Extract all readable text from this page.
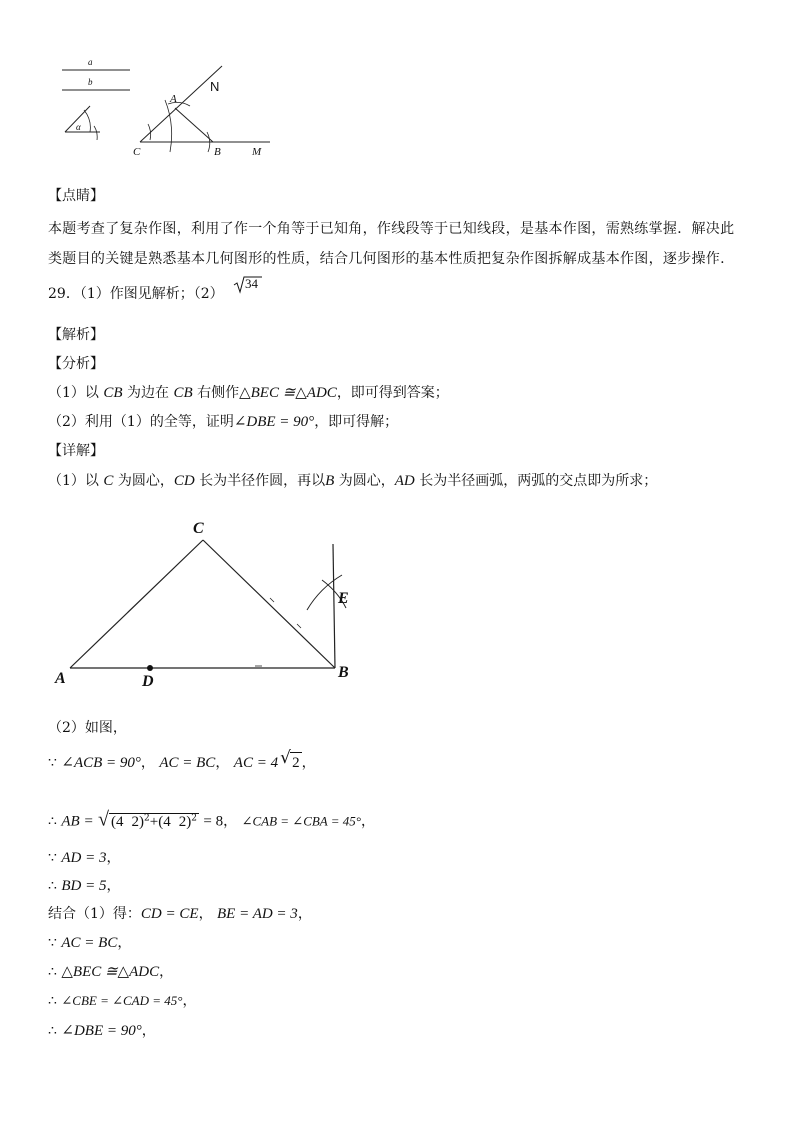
a
b
α
A
N
C	B	M
【点睛】
本题考查了复杂作图，利用了作一个角等于已知角，作线段等于已知线段，是基本作图，需熟练掌握．解决此类题目的关键是熟悉基本几何图形的性质，结合几何图形的基本性质把复杂作图拆解成基本作图，逐步操作.
29．（1）作图见解析；（2）
34
【解析】
【分析】
（1）以 CB 为边在 CB 右侧作△BEC ≅△ADC，即可得到答案；
（2）利用（1）的全等，证明∠DBE = 90°，即可得解；
【详解】
（1）以 C 为圆心，CD 长为半径作圆，再以B 为圆心，AD 长为半径画弧，两弧的交点即为所求；
C
E
A	D
B
（2）如图，
∵ ∠ACB = 90°， AC = BC， AC = 4 2
√ ，
∴ AB = √ (4 2)$^2$+(4 2)$^2$ = 8， ∠CAB = ∠CBA = 45°，
∵ AD = 3，
∴ BD = 5，
结合（1）得：CD = CE， BE = AD = 3，
∵ AC = BC，
∴ △BEC ≅△ADC，
∴ ∠CBE = ∠CAD = 45°，
∴ ∠DBE = 90°，
